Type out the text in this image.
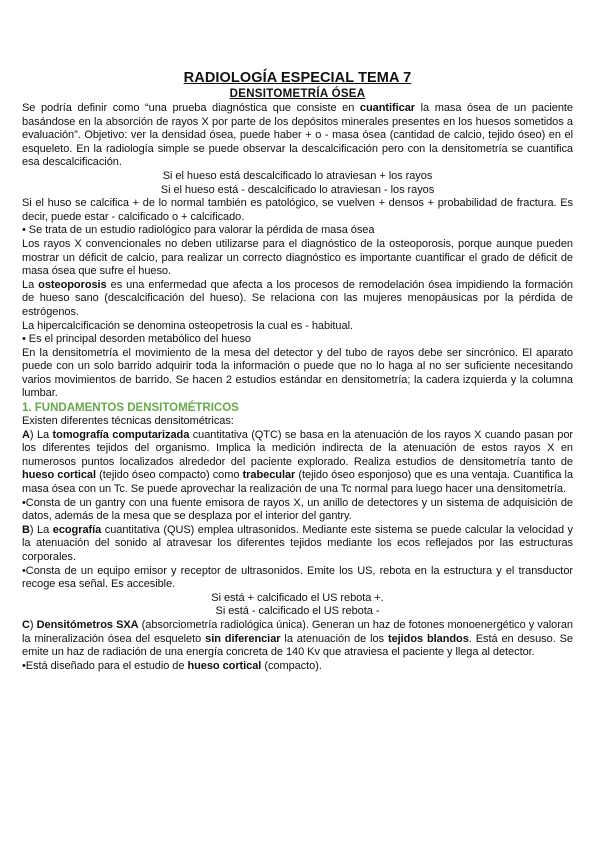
RADIOLOGÍA ESPECIAL TEMA 7
DENSITOMETRÍA ÓSEA

Se podría definir como “una prueba diagnóstica que consiste en cuantificar la masa ósea de un paciente basándose en la absorción de rayos X por parte de los depósitos minerales presentes en los huesos sometidos a evaluación”. Objetivo: ver la densidad ósea, puede haber + o - masa ósea (cantidad de calcio, tejido óseo) en el esqueleto. En la radiología simple se puede observar la descalcificación pero con la densitometría se cuantifica esa descalcificación.

Si el hueso está descalcificado lo atraviesan + los rayos

Si el hueso está - descalcificado lo atraviesan - los rayos

Si el huso se calcifica + de lo normal también es patológico, se vuelven + densos + probabilidad de fractura. Es decir, puede estar - calcificado o + calcificado.

• Se trata de un estudio radiológico para valorar la pérdida de masa ósea

Los rayos X convencionales no deben utilizarse para el diagnóstico de la osteoporosis, porque aunque pueden mostrar un déficit de calcio, para realizar un correcto diagnóstico es importante cuantificar el grado de déficit de masa ósea que sufre el hueso.

La osteoporosis es una enfermedad que afecta a los procesos de remodelación ósea impidiendo la formación de hueso sano (descalcificación del hueso). Se relaciona con las mujeres menopáusicas por la pérdida de estrógenos.

La hipercalcificación se denomina osteopetrosis la cual es - habitual.

• Es el principal desorden metabólico del hueso

En la densitometría el movimiento de la mesa del detector y del tubo de rayos debe ser sincrónico. El aparato puede con un solo barrido adquirir toda la información o puede que no lo haga al no ser suficiente necesitando varios movimientos de barrido. Se hacen 2 estudios estándar en densitometría; la cadera izquierda y la columna lumbar.

1. FUNDAMENTOS DENSITOMÉTRICOS

Existen diferentes técnicas densitométricas:

A) La tomografía computarizada cuantitativa (QTC) se basa en la atenuación de los rayos X cuando pasan por los diferentes tejidos del organismo. Implica la medición indirecta de la atenuación de estos rayos X en numerosos puntos localizados alrededor del paciente explorado. Realiza estudios de densitometría tanto de hueso cortical (tejido óseo compacto) como trabecular (tejido óseo esponjoso) que es una ventaja. Cuantifica la masa ósea con un Tc. Se puede aprovechar la realización de una Tc normal para luego hacer una densitometría.

•Consta de un gantry con una fuente emisora de rayos X, un anillo de detectores y un sistema de adquisición de datos, además de la mesa que se desplaza por el interior del gantry.

B) La ecografía cuantitativa (QUS) emplea ultrasonidos. Mediante este sistema se puede calcular la velocidad y la atenuación del sonido al atravesar los diferentes tejidos mediante los ecos reflejados por las estructuras corporales.

•Consta de un equipo emisor y receptor de ultrasonidos. Emite los US, rebota en la estructura y el transductor recoge esa señal. Es accesible.

Si está + calcificado el US rebota +.

Si está - calcificado el US rebota -

C) Densitómetros SXA (absorciometría radiológica única). Generan un haz de fotones monoenergético y valoran la mineralización ósea del esqueleto sin diferenciar la atenuación de los tejidos blandos. Está en desuso. Se emite un haz de radiación de una energía concreta de 140 Kv que atraviesa el paciente y llega al detector.

•Está diseñado para el estudio de hueso cortical (compacto).
